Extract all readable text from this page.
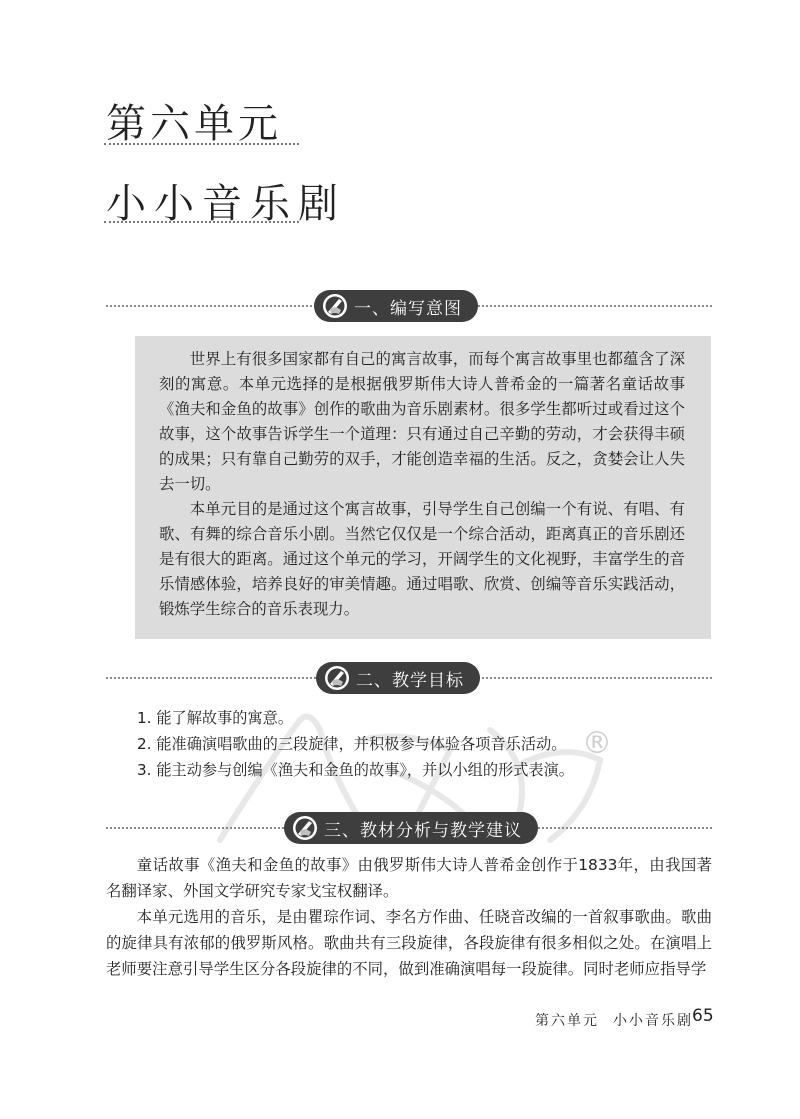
第六单元
小小音乐剧
一、编写意图

世界上有很多国家都有自己的寓言故事，而每个寓言故事里也都蕴含了深刻的寓意。本单元选择的是根据俄罗斯伟大诗人普希金的一篇著名童话故事《渔夫和金鱼的故事》创作的歌曲为音乐剧素材。很多学生都听过或看过这个故事，这个故事告诉学生一个道理：只有通过自己辛勤的劳动，才会获得丰硕的成果；只有靠自己勤劳的双手，才能创造幸福的生活。反之，贪婪会让人失去一切。

本单元目的是通过这个寓言故事，引导学生自己创编一个有说、有唱、有歌、有舞的综合音乐小剧。当然它仅仅是一个综合活动，距离真正的音乐剧还是有很大的距离。通过这个单元的学习，开阔学生的文化视野，丰富学生的音乐情感体验，培养良好的审美情趣。通过唱歌、欣赏、创编等音乐实践活动，锻炼学生综合的音乐表现力。

二、教学目标
®
1. 能了解故事的寓意。
2. 能准确演唱歌曲的三段旋律，并积极参与体验各项音乐活动。
3. 能主动参与创编《渔夫和金鱼的故事》，并以小组的形式表演。
三、教材分析与教学建议

童话故事《渔夫和金鱼的故事》由俄罗斯伟大诗人普希金创作于1833年，由我国著名翻译家、外国文学研究专家戈宝权翻译。

本单元选用的音乐，是由瞿琮作词、李名方作曲、任晓音改编的一首叙事歌曲。歌曲的旋律具有浓郁的俄罗斯风格。歌曲共有三段旋律，各段旋律有很多相似之处。在演唱上老师要注意引导学生区分各段旋律的不同，做到准确演唱每一段旋律。同时老师应指导学

第六单元 小小音乐剧 65
